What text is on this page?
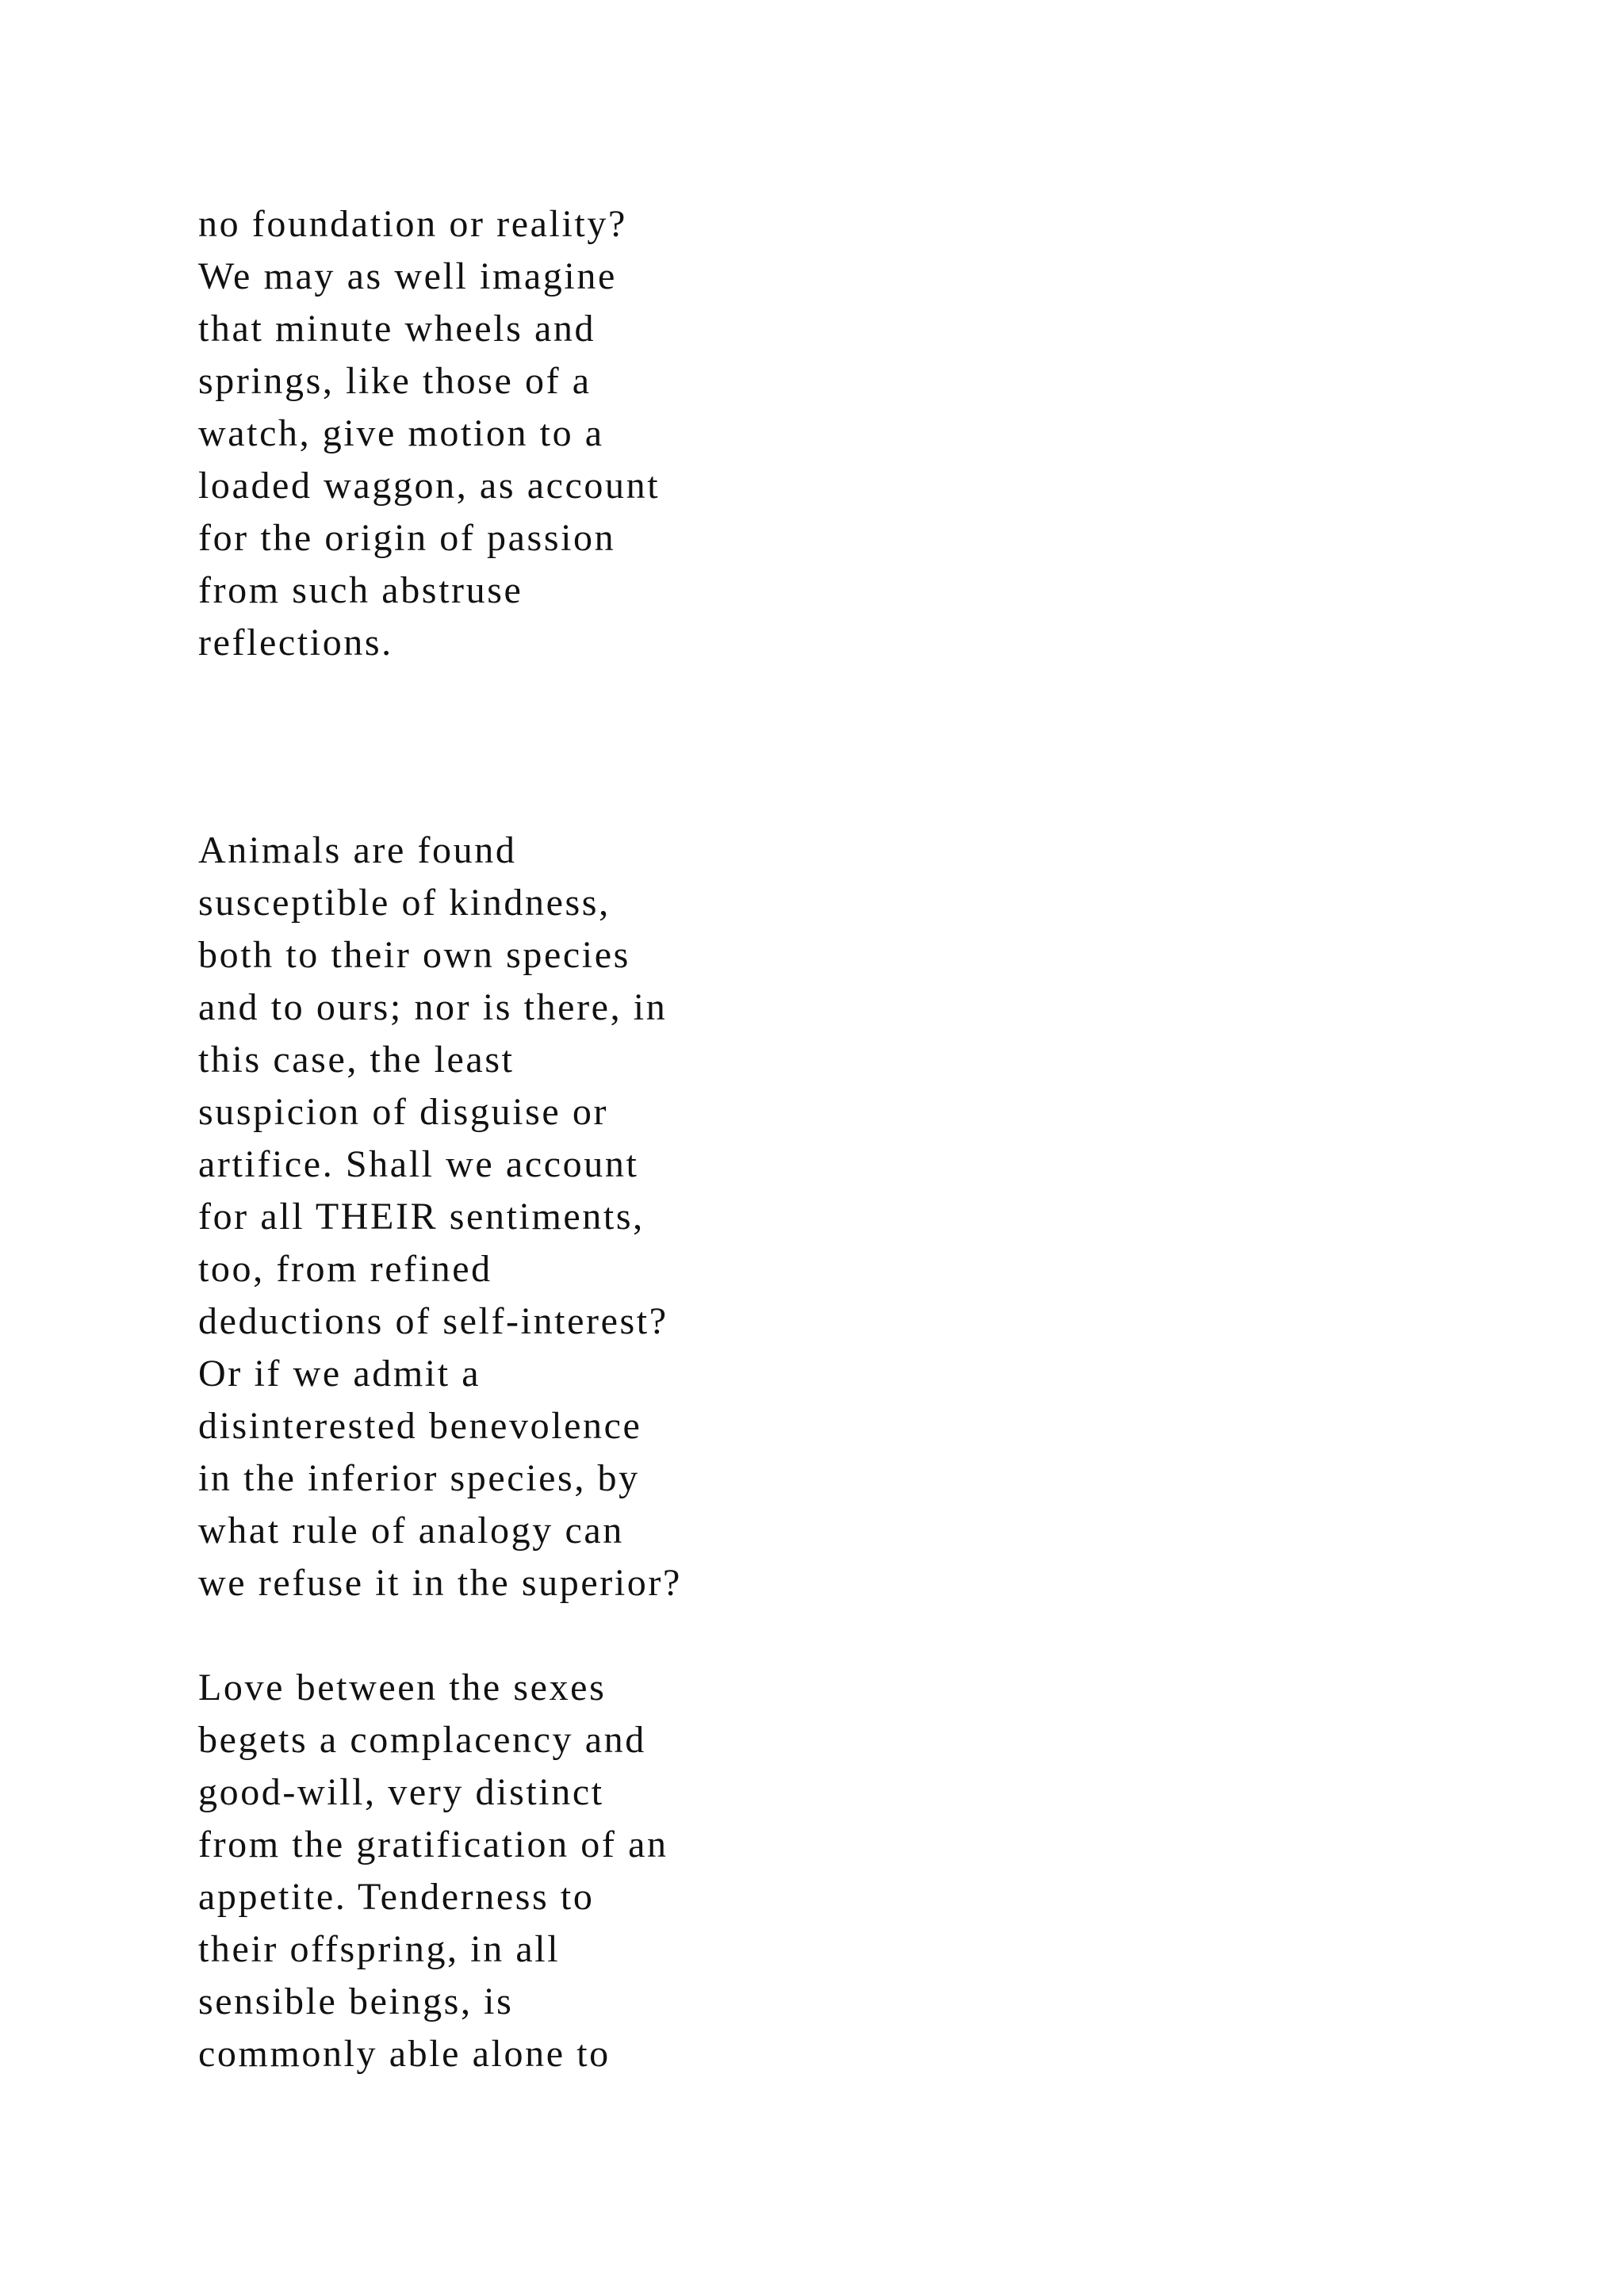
no foundation or reality?
We may as well imagine
that minute wheels and
springs, like those of a
watch, give motion to a
loaded waggon, as account
for the origin of passion
from such abstruse
reflections.

Animals are found
susceptible of kindness,
both to their own species
and to ours; nor is there, in
this case, the least
suspicion of disguise or
artifice. Shall we account
for all THEIR sentiments,
too, from refined
deductions of self-interest?
Or if we admit a
disinterested benevolence
in the inferior species, by
what rule of analogy can
we refuse it in the superior?

Love between the sexes
begets a complacency and
good-will, very distinct
from the gratification of an
appetite. Tenderness to
their offspring, in all
sensible beings, is
commonly able alone to
